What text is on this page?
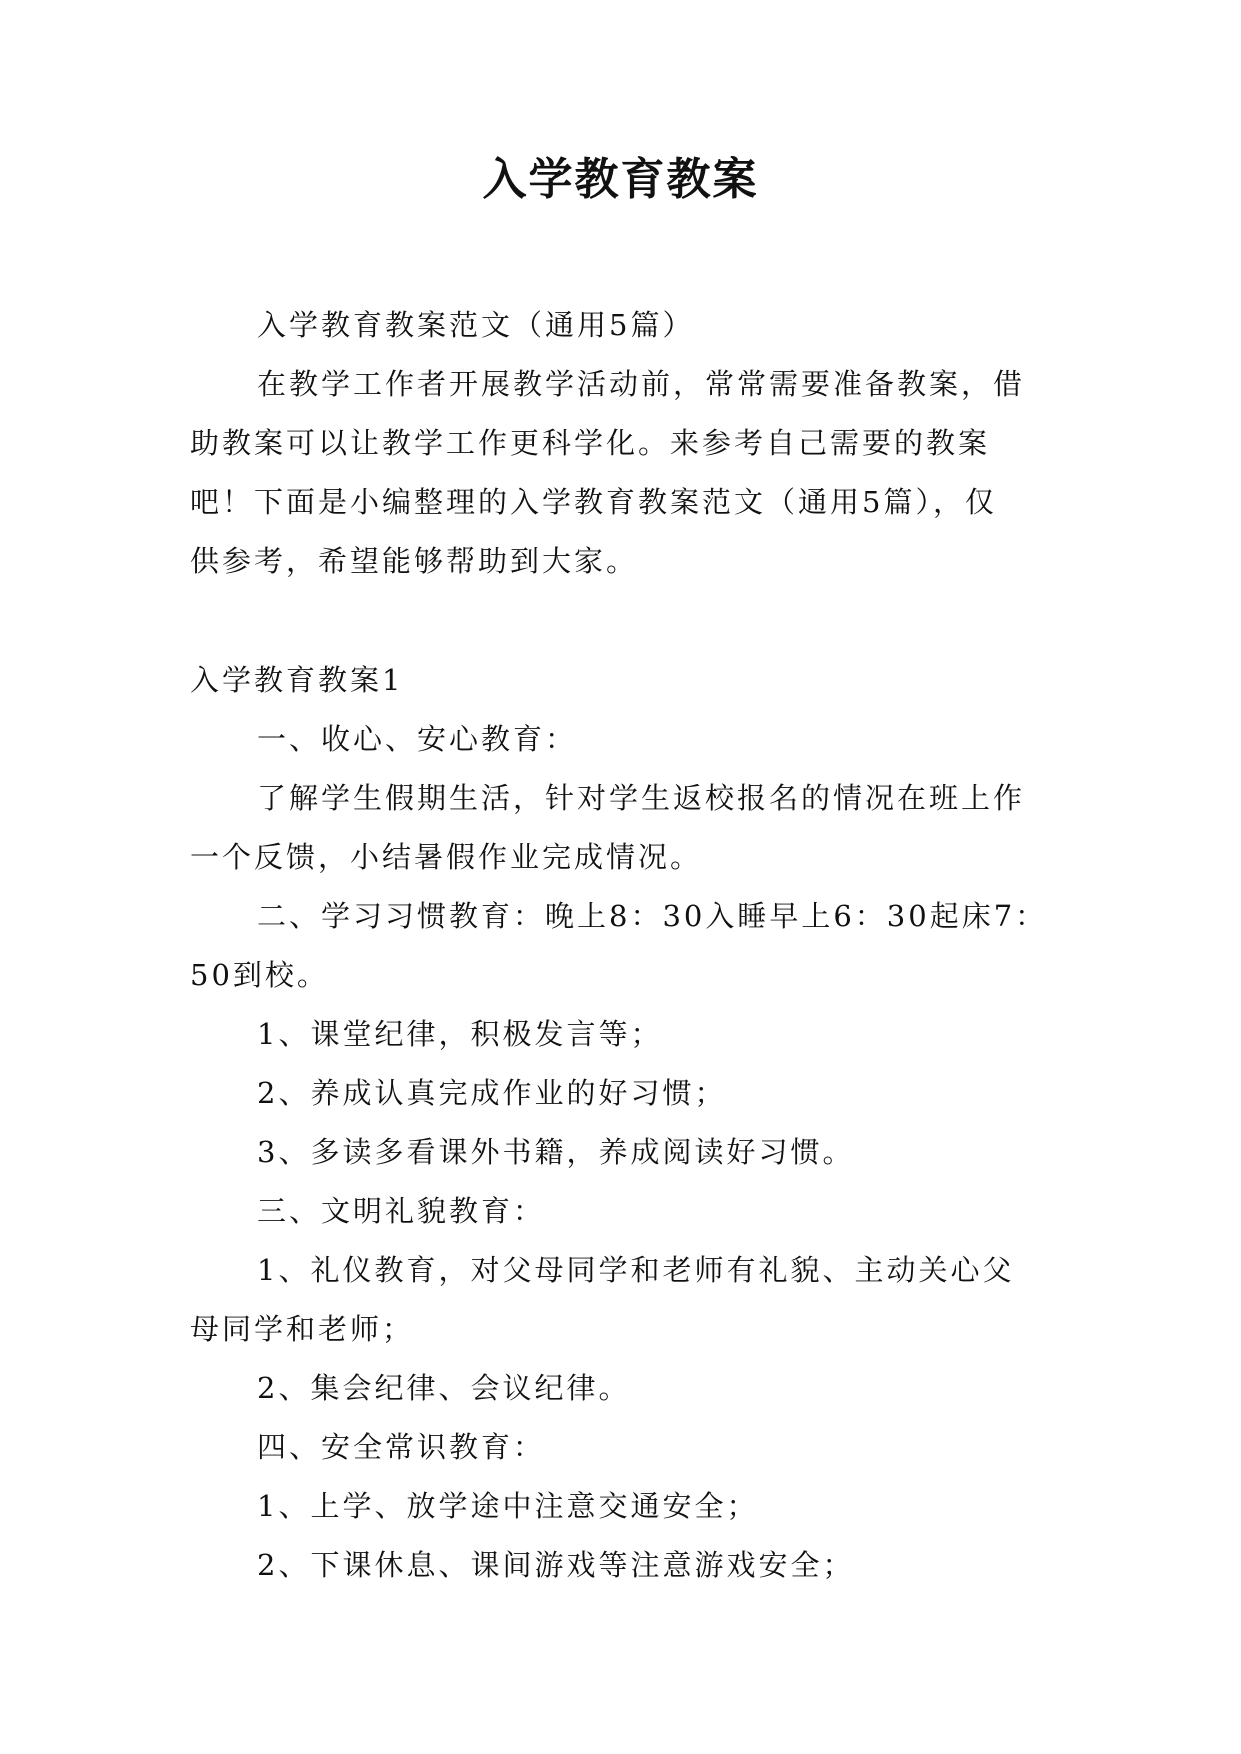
入学教育教案

入学教育教案范文（通用5篇）

在教学工作者开展教学活动前，常常需要准备教案，借

助教案可以让教学工作更科学化。来参考自己需要的教案

吧！下面是小编整理的入学教育教案范文（通用5篇），仅

供参考，希望能够帮助到大家。

入学教育教案1

一、收心、安心教育：

了解学生假期生活，针对学生返校报名的情况在班上作

一个反馈，小结暑假作业完成情况。

二、学习习惯教育：晚上8：30入睡早上6：30起床7：

50到校。

1、课堂纪律，积极发言等；

2、养成认真完成作业的好习惯；

3、多读多看课外书籍，养成阅读好习惯。

三、文明礼貌教育：

1、礼仪教育，对父母同学和老师有礼貌、主动关心父

母同学和老师；

2、集会纪律、会议纪律。

四、安全常识教育：

1、上学、放学途中注意交通安全；

2、下课休息、课间游戏等注意游戏安全；
